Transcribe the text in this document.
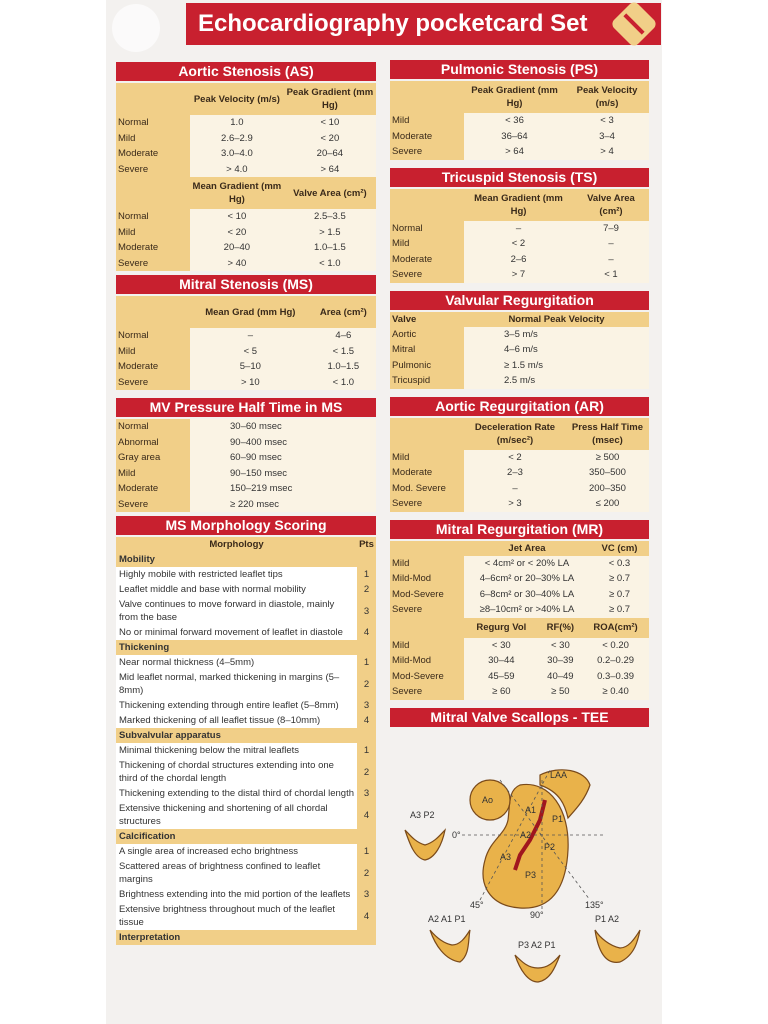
Echocardiography pocketcard Set
Aortic Stenosis (AS)
	Peak Velocity (m/s)	Peak Gradient (mm Hg)
Normal	1.0	< 10
Mild	2.6–2.9	< 20
Moderate	3.0–4.0	20–64
Severe	> 4.0	> 64
	Mean Gradient (mm Hg)	Valve Area (cm²)
Normal	< 10	2.5–3.5
Mild	< 20	> 1.5
Moderate	20–40	1.0–1.5
Severe	> 40	< 1.0
Mitral Stenosis (MS)
	Mean Grad (mm Hg)	Area (cm²)
Normal	–	4–6
Mild	< 5	< 1.5
Moderate	5–10	1.0–1.5
Severe	> 10	< 1.0
MV Pressure Half Time in MS
Normal	30–60 msec
Abnormal	90–400 msec
Gray area	60–90 msec
Mild	90–150 msec
Moderate	150–219 msec
Severe	≥ 220 msec
MS Morphology Scoring
Morphology	Pts
Mobility	
Highly mobile with restricted leaflet tips	1
Leaflet middle and base with normal mobility	2
Valve continues to move forward in diastole, mainly from the base	3
No or minimal forward movement of leaflet in diastole	4
Thickening	
Near normal thickness (4–5mm)	1
Mid leaflet normal, marked thickening in margins (5–8mm)	2
Thickening extending through entire leaflet (5–8mm)	3
Marked thickening of all leaflet tissue (8–10mm)	4
Subvalvular apparatus	
Minimal thickening below the mitral leaflets	1
Thickening of chordal structures extending into one third of the chordal length	2
Thickening extending to the distal third of chordal length	3
Extensive thickening and shortening of all chordal structures	4
Calcification	
A single area of increased echo brightness	1
Scattered areas of brightness confined to leaflet margins	2
Brightness extending into the mid portion of the leaflets	3
Extensive brightness throughout much of the leaflet tissue	4
Interpretation	
Pulmonic Stenosis (PS)
	Peak Gradient (mm Hg)	Peak Velocity (m/s)
Mild	< 36	< 3
Moderate	36–64	3–4
Severe	> 64	> 4
Tricuspid Stenosis (TS)
	Mean Gradient (mm Hg)	Valve Area (cm²)
Normal	–	7–9
Mild	< 2	–
Moderate	2–6	–
Severe	> 7	< 1
Valvular Regurgitation
Valve	Normal Peak Velocity
Aortic	3–5 m/s
Mitral	4–6 m/s
Pulmonic	≥ 1.5 m/s
Tricuspid	2.5 m/s
Aortic Regurgitation (AR)
	Deceleration Rate (m/sec²)	Press Half Time (msec)
Mild	< 2	≥ 500
Moderate	2–3	350–500
Mod. Severe	–	200–350
Severe	> 3	≤ 200
Mitral Regurgitation (MR)
	Jet Area	VC (cm)
Mild	< 4cm² or < 20% LA	< 0.3
Mild-Mod	4–6cm² or 20–30% LA	≥ 0.7
Mod-Severe	6–8cm² or 30–40% LA	≥ 0.7
Severe	≥8–10cm² or >40% LA	≥ 0.7
	Regurg Vol	RF(%)	ROA(cm²)
Mild	< 30	< 30	< 0.20
Mild-Mod	30–44	30–39	0.2–0.29
Mod-Severe	45–59	40–49	0.3–0.39
Severe	≥ 60	≥ 50	≥ 0.40
Mitral Valve Scallops - TEE
LAA
Ao
A1
A2
A3
P1
P2
P3
0°
45°
90°
135°
A3 P2
A2 A1 P1
P3 A2 P1
P1 A2
